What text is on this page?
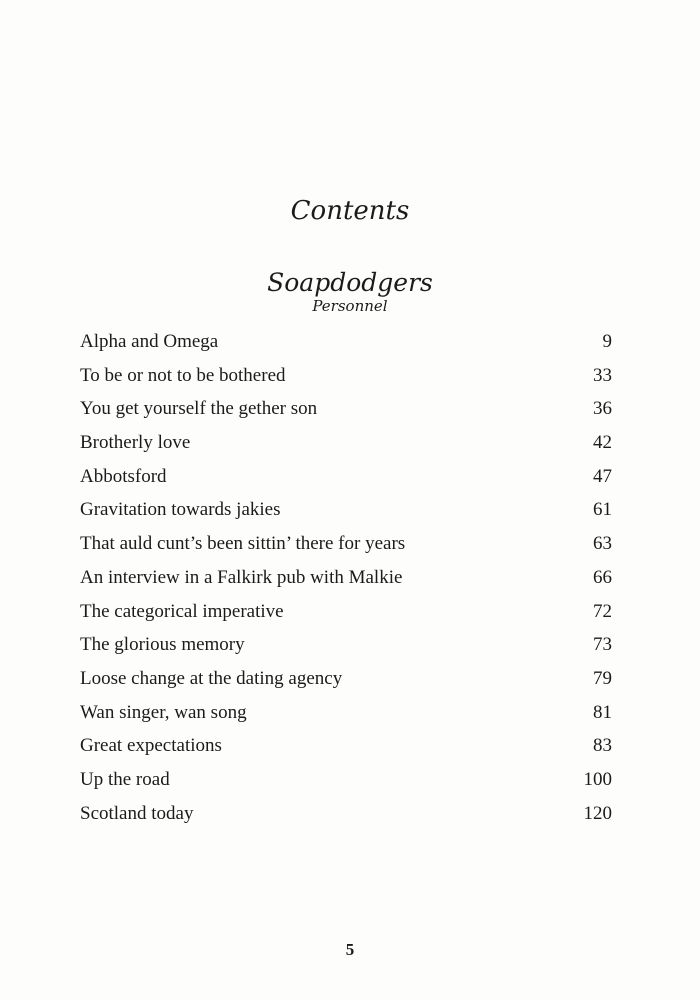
Contents
Soapdodgers
Personnel
Alpha and Omega	9
To be or not to be bothered	33
You get yourself the gether son	36
Brotherly love	42
Abbotsford	47
Gravitation towards jakies	61
That auld cunt’s been sittin’ there for years	63
An interview in a Falkirk pub with Malkie	66
The categorical imperative	72
The glorious memory	73
Loose change at the dating agency	79
Wan singer, wan song	81
Great expectations	83
Up the road	100
Scotland today	120
5
